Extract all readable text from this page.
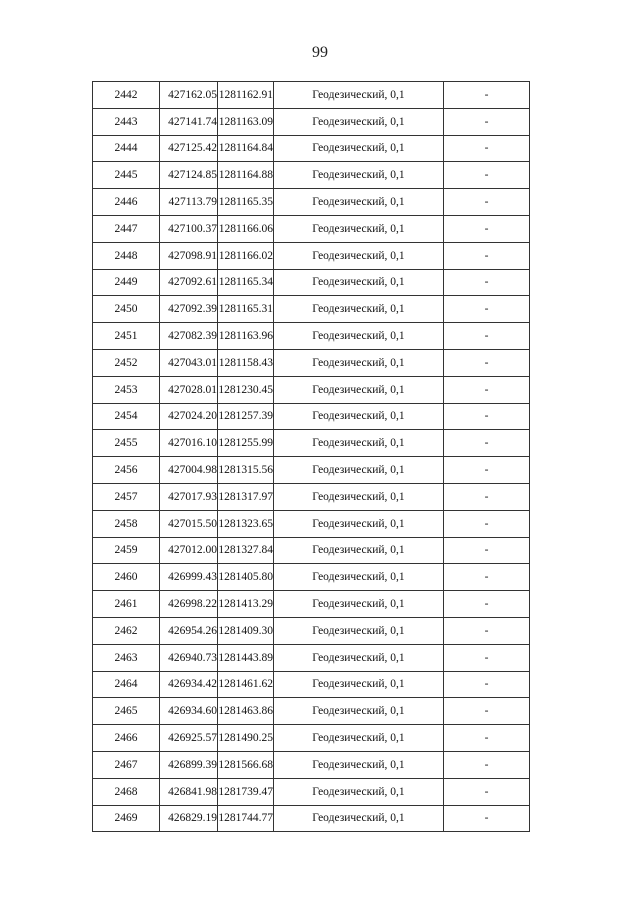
99
2442	427162.05	1281162.91	Геодезический, 0,1	-
2443	427141.74	1281163.09	Геодезический, 0,1	-
2444	427125.42	1281164.84	Геодезический, 0,1	-
2445	427124.85	1281164.88	Геодезический, 0,1	-
2446	427113.79	1281165.35	Геодезический, 0,1	-
2447	427100.37	1281166.06	Геодезический, 0,1	-
2448	427098.91	1281166.02	Геодезический, 0,1	-
2449	427092.61	1281165.34	Геодезический, 0,1	-
2450	427092.39	1281165.31	Геодезический, 0,1	-
2451	427082.39	1281163.96	Геодезический, 0,1	-
2452	427043.01	1281158.43	Геодезический, 0,1	-
2453	427028.01	1281230.45	Геодезический, 0,1	-
2454	427024.20	1281257.39	Геодезический, 0,1	-
2455	427016.10	1281255.99	Геодезический, 0,1	-
2456	427004.98	1281315.56	Геодезический, 0,1	-
2457	427017.93	1281317.97	Геодезический, 0,1	-
2458	427015.50	1281323.65	Геодезический, 0,1	-
2459	427012.00	1281327.84	Геодезический, 0,1	-
2460	426999.43	1281405.80	Геодезический, 0,1	-
2461	426998.22	1281413.29	Геодезический, 0,1	-
2462	426954.26	1281409.30	Геодезический, 0,1	-
2463	426940.73	1281443.89	Геодезический, 0,1	-
2464	426934.42	1281461.62	Геодезический, 0,1	-
2465	426934.60	1281463.86	Геодезический, 0,1	-
2466	426925.57	1281490.25	Геодезический, 0,1	-
2467	426899.39	1281566.68	Геодезический, 0,1	-
2468	426841.98	1281739.47	Геодезический, 0,1	-
2469	426829.19	1281744.77	Геодезический, 0,1	-
